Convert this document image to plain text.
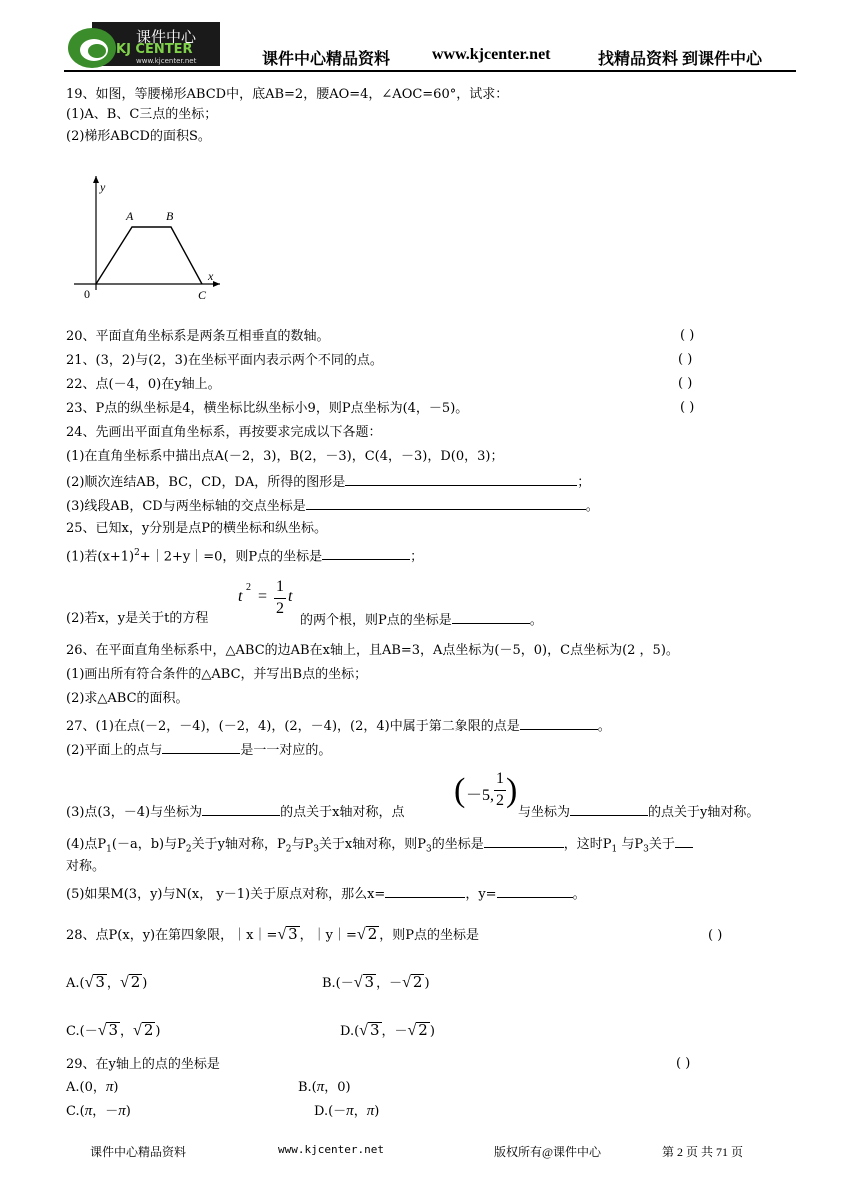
课件中心
KJ CENTER
www.kjcenter.net	课件中心精品资料	www.kjcenter.net	找精品资料 到课件中心
19、如图，等腰梯形ABCD中，底AB=2，腰AO=4，∠AOC=60°，试求：
(1)A、B、C三点的坐标；
(2)梯形ABCD的面积S。
y
x
A	B
0	C
20、平面直角坐标系是两条互相垂直的数轴。	( )
21、(3，2)与(2，3)在坐标平面内表示两个不同的点。	( )
22、点(－4，0)在y轴上。	( )
23、P点的纵坐标是4，横坐标比纵坐标小9，则P点坐标为(4，－5)。	( )
24、先画出平面直角坐标系，再按要求完成以下各题：
(1)在直角坐标系中描出点A(－2，3)，B(2，－3)，C(4，－3)，D(0，3)；
(2)顺次连结AB，BC，CD，DA，所得的图形是	；
(3)线段AB，CD与两坐标轴的交点坐标是	。
25、已知x，y分别是点P的横坐标和纵坐标。
(1)若$(x+1)^2+|2+y|=0$，则P点的坐标是	；
(2)若x，y是关于t的方程
t
2
=
1
2
t
的两个根，则P点的坐标是	。
26、在平面直角坐标系中，△ABC的边AB在x轴上，且AB=3，A点坐标为(－5，0)，C点坐标为(2 ，5)。
(1)画出所有符合条件的△ABC，并写出B点的坐标；
(2)求△ABC的面积。
27、(1)在点(－2，－4)，(－2，4)，(2，－4)，(2，4)中属于第二象限的点是	。
(2)平面上的点与	是一一对应的。
(3)点(3，－4)与坐标为	的点关于x轴对称，点
( －5,
1
2 )
与坐标为	的点关于y轴对称。
(4)点$P_1(-a$，b)与$P_2$关于y轴对称，$P_2$与$P_3$关于x轴对称，则$P_3$的坐标是	，这时$P_1$ 与$P_3$关于
对称。
(5)如果M(3，y)与N(x， y－1)关于原点对称，那么x=	，y=	。
28、点P(x，y)在第四象限，｜x｜=√ 3 ，｜y｜=√ 2 ，则P点的坐标是	( )
A.(√ 3 ，√ 2 )	B.(－√ 3 ，－√ 2 )
C.(－√ 3 ，√ 2 )	D.(√ 3 ，－√ 2 )
29、在y轴上的点的坐标是	( )
A.(0，π)	B.(π，0)
C.(π，－π)	D.(－π，π)
课件中心精品资料	www.kjcenter.net	版权所有@课件中心	第 2 页 共 71 页
